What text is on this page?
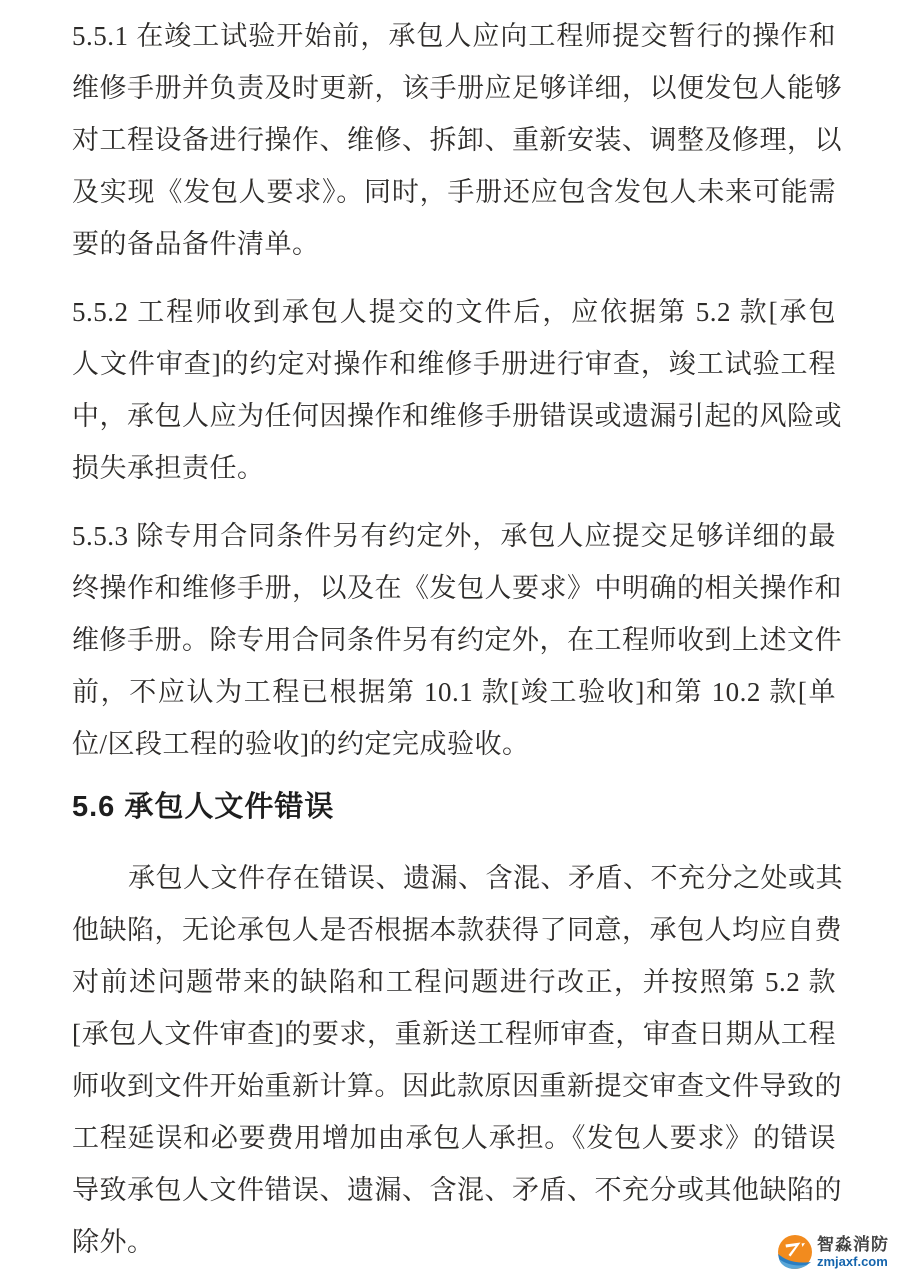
5.5.1 在竣工试验开始前，承包人应向工程师提交暂行的操作和
维修手册并负责及时更新，该手册应足够详细，以便发包人能够
对工程设备进行操作、维修、拆卸、重新安装、调整及修理，以
及实现《发包人要求》。同时，手册还应包含发包人未来可能需
要的备品备件清单。
5.5.2 工程师收到承包人提交的文件后，应依据第 5.2 款[承包
人文件审查]的约定对操作和维修手册进行审查，竣工试验工程
中，承包人应为任何因操作和维修手册错误或遗漏引起的风险或
损失承担责任。
5.5.3 除专用合同条件另有约定外，承包人应提交足够详细的最
终操作和维修手册，以及在《发包人要求》中明确的相关操作和
维修手册。除专用合同条件另有约定外，在工程师收到上述文件
前，不应认为工程已根据第 10.1 款[竣工验收]和第 10.2 款[单
位/区段工程的验收]的约定完成验收。
5.6 承包人文件错误
承包人文件存在错误、遗漏、含混、矛盾、不充分之处或其
他缺陷，无论承包人是否根据本款获得了同意，承包人均应自费
对前述问题带来的缺陷和工程问题进行改正，并按照第 5.2 款
[承包人文件审查]的要求，重新送工程师审查，审查日期从工程
师收到文件开始重新计算。因此款原因重新提交审查文件导致的
工程延误和必要费用增加由承包人承担。《发包人要求》的错误
导致承包人文件错误、遗漏、含混、矛盾、不充分或其他缺陷的
除外。	智淼消防
zmjaxf.com
